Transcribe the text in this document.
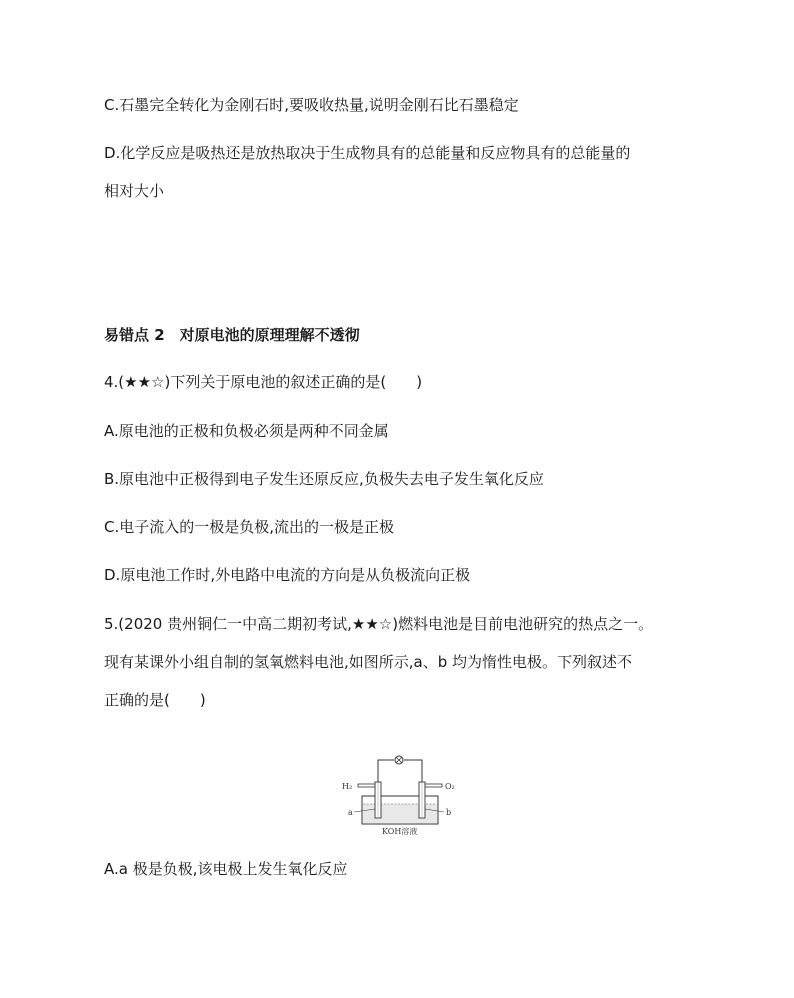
C.石墨完全转化为金刚石时,要吸收热量,说明金刚石比石墨稳定
D.化学反应是吸热还是放热取决于生成物具有的总能量和反应物具有的总能量的
相对大小
易错点 2　对原电池的原理理解不透彻
4.(★★☆)下列关于原电池的叙述正确的是(　　)
A.原电池的正极和负极必须是两种不同金属
B.原电池中正极得到电子发生还原反应,负极失去电子发生氧化反应
C.电子流入的一极是负极,流出的一极是正极
D.原电池工作时,外电路中电流的方向是从负极流向正极
5.(2020 贵州铜仁一中高二期初考试,★★☆)燃料电池是目前电池研究的热点之一。
现有某课外小组自制的氢氧燃料电池,如图所示,a、b 均为惰性电极。下列叙述不
正确的是(　　)
H₂	O₂
a	b
KOH溶液
A.a 极是负极,该电极上发生氧化反应
